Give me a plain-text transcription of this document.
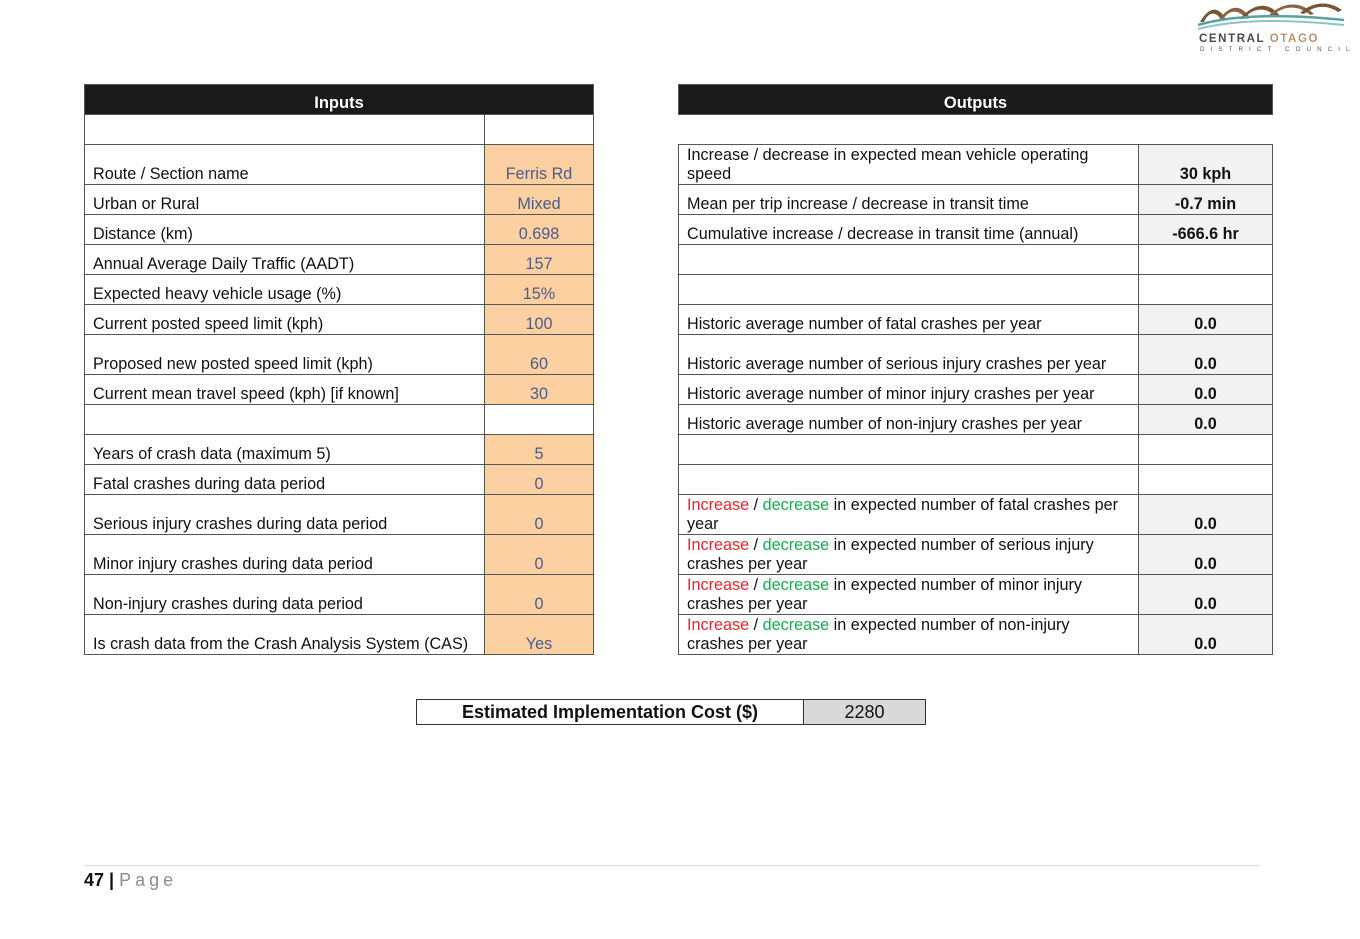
CENTRAL OTAGO
DISTRICT COUNCIL
Inputs	

Route / Section name	Ferris Rd
Urban or Rural	Mixed
Distance (km)	0.698
Annual Average Daily Traffic (AADT)	157
Expected heavy vehicle usage (%)	15%
Current posted speed limit (kph)	100
Proposed new posted speed limit (kph)	60
Current mean travel speed (kph) [if known]	30

Years of crash data (maximum 5)	5
Fatal crashes during data period	0
Serious injury crashes during data period	0
Minor injury crashes during data period	0
Non-injury crashes during data period	0
Is crash data from the Crash Analysis System (CAS)	Yes
Outputs	

Increase / decrease in expected mean vehicle operating speed	30 kph
Mean per trip increase / decrease in transit time	-0.7 min
Cumulative increase / decrease in transit time (annual)	-666.6 hr

Historic average number of fatal crashes per year	0.0
Historic average number of serious injury crashes per year	0.0
Historic average number of minor injury crashes per year	0.0
Historic average number of non-injury crashes per year	0.0

Increase / decrease in expected number of fatal crashes per year	0.0
Increase / decrease in expected number of serious injury crashes per year	0.0
Increase / decrease in expected number of minor injury crashes per year	0.0
Increase / decrease in expected number of non-injury crashes per year	0.0
Estimated Implementation Cost ($)	2280
47 | Page
